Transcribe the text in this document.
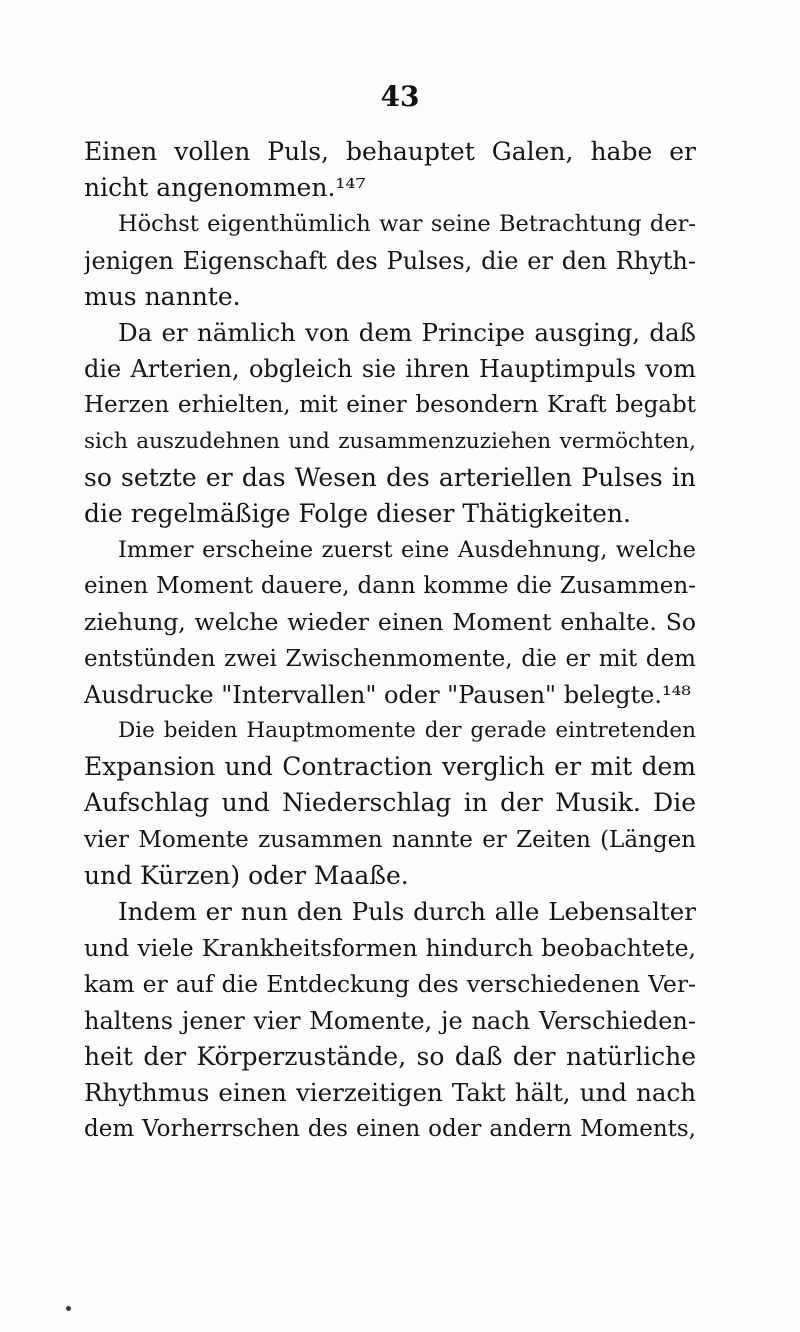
43
Einen vollen Puls, behauptet Galen, habe er
nicht angenommen.¹⁴⁷
Höchst eigenthümlich war seine Betrachtung der-
jenigen Eigenschaft des Pulses, die er den Rhyth-
mus nannte.
Da er nämlich von dem Principe ausging, daß
die Arterien, obgleich sie ihren Hauptimpuls vom
Herzen erhielten, mit einer besondern Kraft begabt
sich auszudehnen und zusammenzuziehen vermöchten,
so setzte er das Wesen des arteriellen Pulses in
die regelmäßige Folge dieser Thätigkeiten.
Immer erscheine zuerst eine Ausdehnung, welche
einen Moment dauere, dann komme die Zusammen-
ziehung, welche wieder einen Moment enhalte. So
entstünden zwei Zwischenmomente, die er mit dem
Ausdrucke "Intervallen" oder "Pausen" belegte.¹⁴⁸
Die beiden Hauptmomente der gerade eintretenden
Expansion und Contraction verglich er mit dem
Aufschlag und Niederschlag in der Musik. Die
vier Momente zusammen nannte er Zeiten (Längen
und Kürzen) oder Maaße.
Indem er nun den Puls durch alle Lebensalter
und viele Krankheitsformen hindurch beobachtete,
kam er auf die Entdeckung des verschiedenen Ver-
haltens jener vier Momente, je nach Verschieden-
heit der Körperzustände, so daß der natürliche
Rhythmus einen vierzeitigen Takt hält, und nach
dem Vorherrschen des einen oder andern Moments,
